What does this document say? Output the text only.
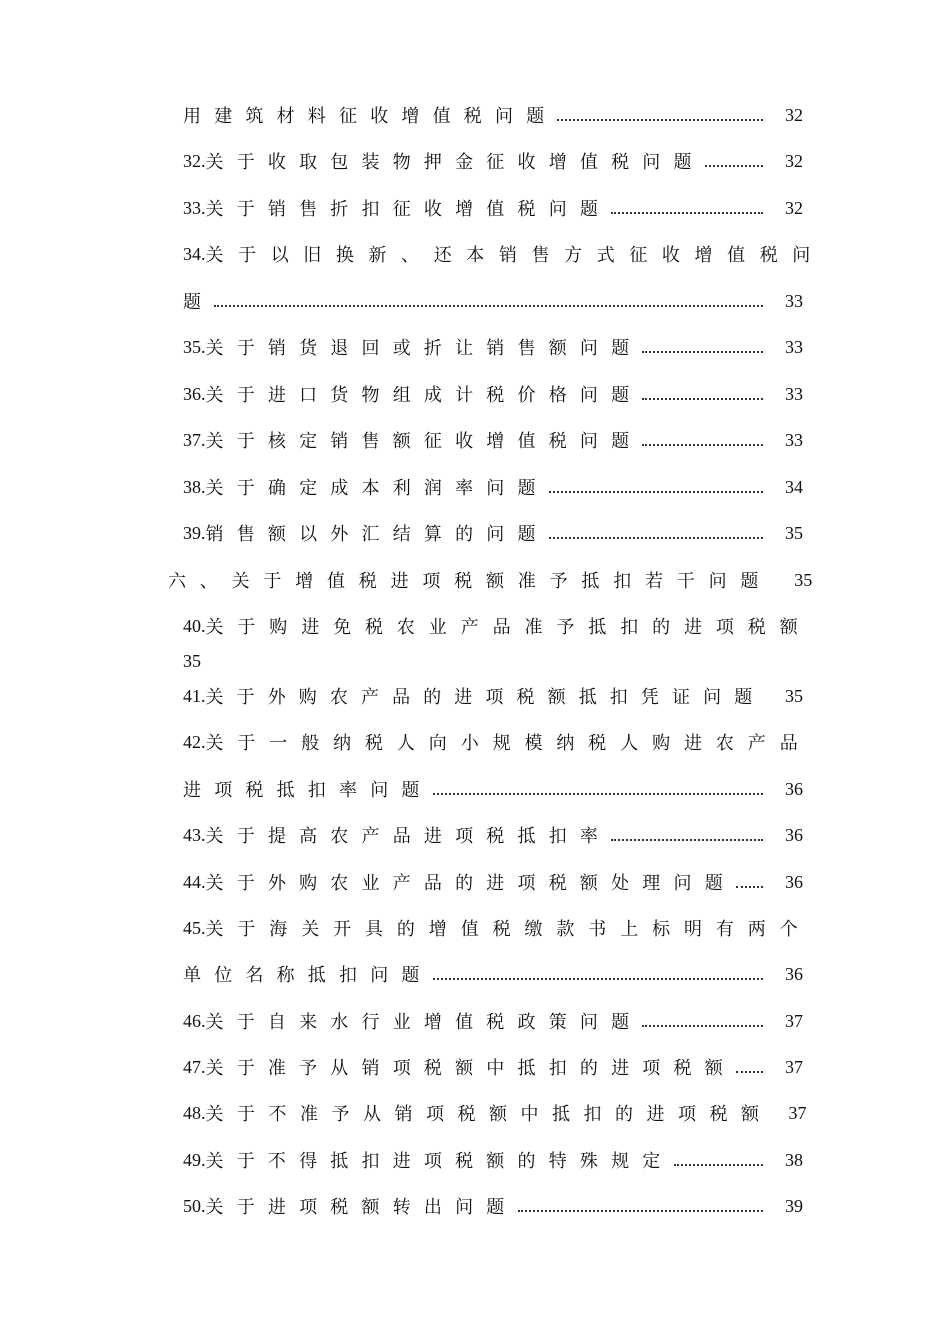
用建筑材料征收增值税问题	32
32. 关于收取包装物押金征收增值税问题	32
33. 关于销售折扣征收增值税问题	32
34. 关于以旧换新、还本销售方式征收增值税问
题	33
35. 关于销货退回或折让销售额问题	33
36. 关于进口货物组成计税价格问题	33
37. 关于核定销售额征收增值税问题	33
38. 关于确定成本利润率问题	34
39. 销售额以外汇结算的问题	35
六、关于增值税进项税额准予抵扣若干问题	35
40. 关于购进免税农业产品准予抵扣的进项税额
35
41. 关于外购农产品的进项税额抵扣凭证问题	35
42. 关于一般纳税人向小规模纳税人购进农产品
进项税抵扣率问题	36
43. 关于提高农产品进项税抵扣率	36
44. 关于外购农业产品的进项税额处理问题	36
45. 关于海关开具的增值税缴款书上标明有两个
单位名称抵扣问题	36
46. 关于自来水行业增值税政策问题	37
47. 关于准予从销项税额中抵扣的进项税额	37
48. 关于不准予从销项税额中抵扣的进项税额 37
49. 关于不得抵扣进项税额的特殊规定	38
50. 关于进项税额转出问题	39
